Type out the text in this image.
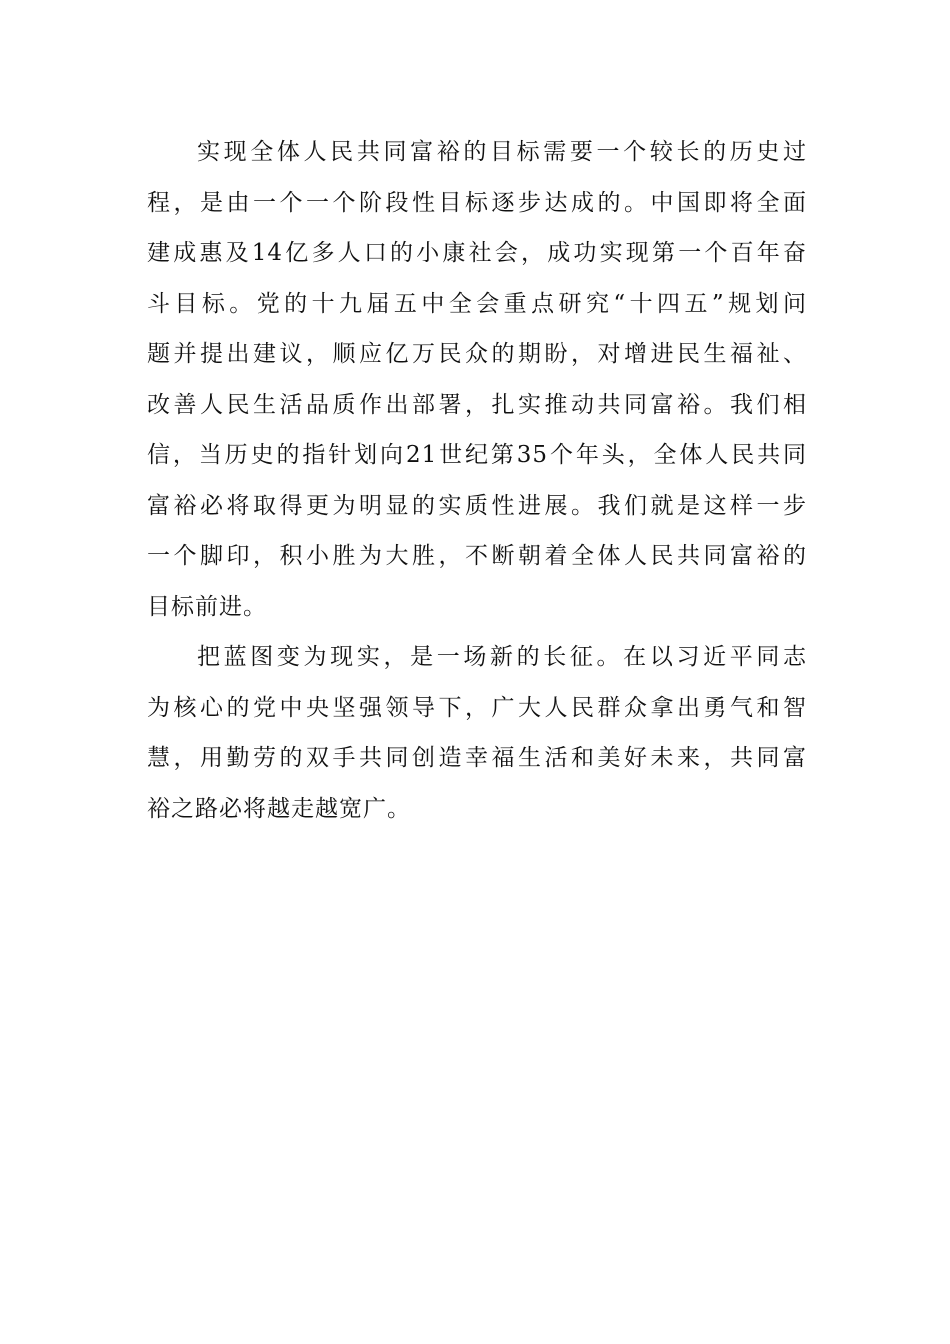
实现全体人民共同富裕的目标需要一个较长的历史过
程，是由一个一个阶段性目标逐步达成的。中国即将全面
建成惠及14亿多人口的小康社会，成功实现第一个百年奋
斗目标。党的十九届五中全会重点研究“十四五”规划问
题并提出建议，顺应亿万民众的期盼，对增进民生福祉、
改善人民生活品质作出部署，扎实推动共同富裕。我们相
信，当历史的指针划向21世纪第35个年头，全体人民共同
富裕必将取得更为明显的实质性进展。我们就是这样一步
一个脚印，积小胜为大胜，不断朝着全体人民共同富裕的
目标前进。
把蓝图变为现实，是一场新的长征。在以习近平同志
为核心的党中央坚强领导下，广大人民群众拿出勇气和智
慧，用勤劳的双手共同创造幸福生活和美好未来，共同富
裕之路必将越走越宽广。
